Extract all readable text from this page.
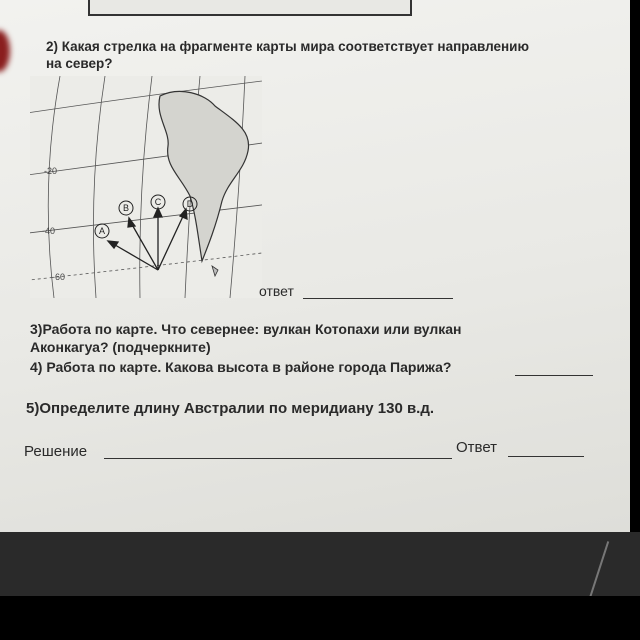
2) Какая стрелка на фрагменте карты мира соответствует направлению
на север?
-20
-40
-60
A
B
C	D
ответ
3)Работа по карте. Что севернее: вулкан Котопахи или вулкан
Аконкагуа? (подчеркните)
4) Работа по карте. Какова высота в районе города Парижа?
5)Определите длину Австралии по меридиану 130 в.д.
Решение	Ответ
